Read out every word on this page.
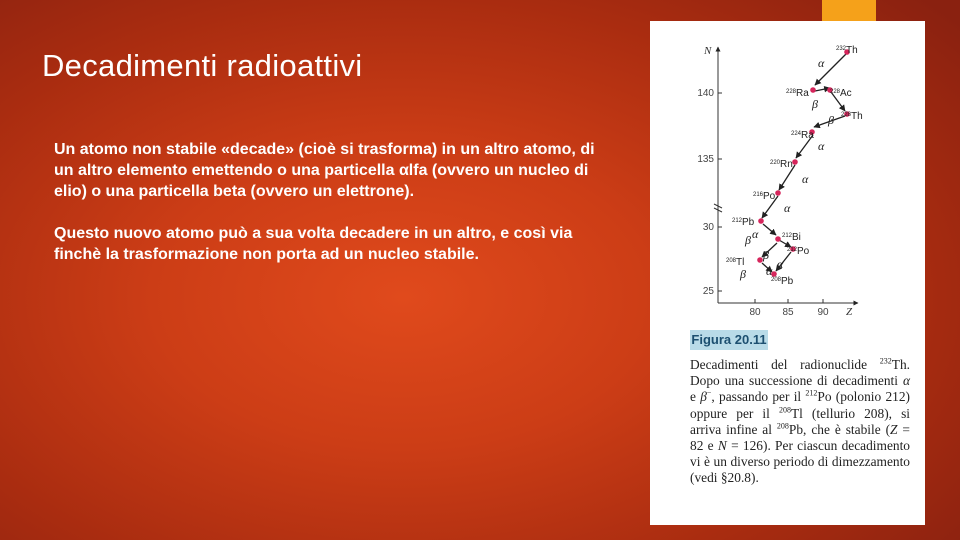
Decadimenti radioattivi

Un atomo non stabile «decade» (cioè si trasforma) in un altro atomo, di un altro elemento emettendo o una particella αlfa (ovvero un nucleo di elio) o una particella beta (ovvero un elettrone).

Questo nuovo atomo può a sua volta decadere in un altro, e così via finchè la trasformazione non porta ad un nucleo stabile.

N
Z
140
135
30
25
80 85 90
$^{232}$Th
$^{228}$Ra	$^{228}$Ac
$^{228}$Th
$^{224}$Ra
$^{220}$Rn
$^{216}$Po
$^{212}$Pb
$^{212}$Bi
$^{212}$Po
$^{208}$Tl
$^{208}$Pb
α
β
β
α
α
α
β α
β
α
α
β
Figura 20.11

Decadimenti del radionuclide $^{232}$Th. Dopo una successione di decadimenti α e β−, passando per il $^{212}$Po (polonio 212) oppure per il $^{208}$Tl (tellurio 208), si arriva infine al $^{208}$Pb, che è stabile (Z = 82 e N = 126). Per ciascun decadimento vi è un diverso periodo di dimezzamento (vedi §20.8).
